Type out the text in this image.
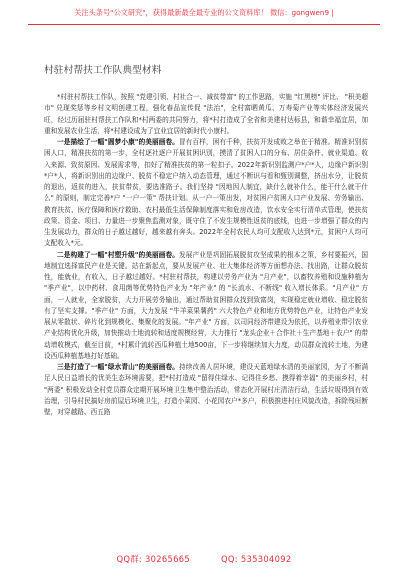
关注头条号"公文研究"，获得最新最全最专业的公文资料库！ 微信：gongwen9 |
村驻村帮扶工作队典型材料

*村驻村帮扶工作队，按照 "党建引领、村社合一、减贫带富" 的工作思路，实施 "红黑榜" 评比、 "积美超市" 兑现奖惩等乡村文明创建工程，强化春品宣传促 "法治"，全村富晒黄瓜、万寿菊产业等实体经济发展兴旺，经过历届驻村帮扶工作队和*村两委的共同努力，将*村打造成了全省和美建村达标县，和谐幸福宜居，加重和发展农业生活，将*村建设成为了宜业宜居的新时代小康村。

一是描绘了一幅"圆梦小康"的美丽画卷。冒有百样，困有千种，扶贫开发成败之举在于精准。精准识别贫困人口，精准扶贫的第一步，全村逐社逐户开展贫困识别，摸清了贫困人口的分布、居住条件、就业渠道、收入来源、致贫原因、发展需求等，扣好了精准扶贫的第一粒扣子。2022年新识别监测户*户*人，边缘户新识别*户*人，将新识别出的边缘户、脱贫不稳定户纳入动态管理，通过不断识与看和甄别调整，挤出水分，让脱贫的退出，返贫的进入，扶贫带贫，要选准路子。我们坚持 "因地因人制宜，缺什么就补什么，能干什么就干什么" 的原则，制定完善*户 "一户一策" 帮扶计划。从一户一策出发，对贫困户贫困人口产业发展、劳务输出、教育扶贫、医疗保障和医疗救助、农村最低生活保障制度落实和危房改造，饮水安全实行清单式管理，使扶贫政策、资金、项目、力量进一步聚焦监测对象，既守住了不发生规模性返贫的底线，也进一步增强了群众的内生发展动力，群众的日子越过越好，越来越有奔头。2022年全村农民人均可支配收入达到*元，贫困户人均可支配收入*元。

二是构建了一幅"村塑升级"的美丽画卷。发展产业是巩固拓展脱贫攻坚成果的根本之策，乡村要振兴，国地制宜选择富民产业是关键。站在新起点，要从发展产业、壮大集体经济等方面想办法、找出路，让群众脱贫性，能就业，有收入，日子越过越好。*村驻村帮扶，构建以劳务产业为 "月产业"，以畜牧养殖和设施种植为 "季产业"，以中药材、食用菌等优势特色产业为 "年产业" 的 "长流水、不断线" 收入增长体系。"月产业" 方面，一人就业，全家脱贫，大力开展劳务输出，通过帮助贫困群众找到致富岗，实现稳定就业增收、稳定脱贫有了坚实支撑。"季产业" 方面，大力发展 "牛羊菜果薯药" 六大特色产业和地方优势特色产业，让特色产业发展从零散状、碎片化到规模化、集聚化的发展。"年产业" 方面，以司同经济带建设为依托，以养殖业带引农业产业结构优化升级，加快推动土地流转和适度规模经营，大力推行 "龙头企业＋合作社＋生产基地＋农户" 的带动增收模式，截至目前，*村累计流转西瓜种植土地500亩，下一步将继续加大力度，动员群众流转土地，为建设西瓜种植基地打好基础。

三是打造了一幅"绿水青山"的美丽画卷。持续改善人居环境，建设天蓝地绿水清的美丽家园，为了不断满足人民日益增长的优美生态环境需要，把*村打造成 "留得住绿水、记得住乡愁、摸得着幸福" 的美丽乡村，村 "两委" 积极发动全村党员群众定期开展环境卫生集中整治活动，常态化开展村庄清洁行动，生活垃圾得到有效治理，引导村民搞好房前屋后环境卫生，打造小菜园、小花园农户*多户，积极推进村庄风貌改造，拆除残垣断壁，对穿越路、西五路

QQ群: 30265665	QQ: 535304092
